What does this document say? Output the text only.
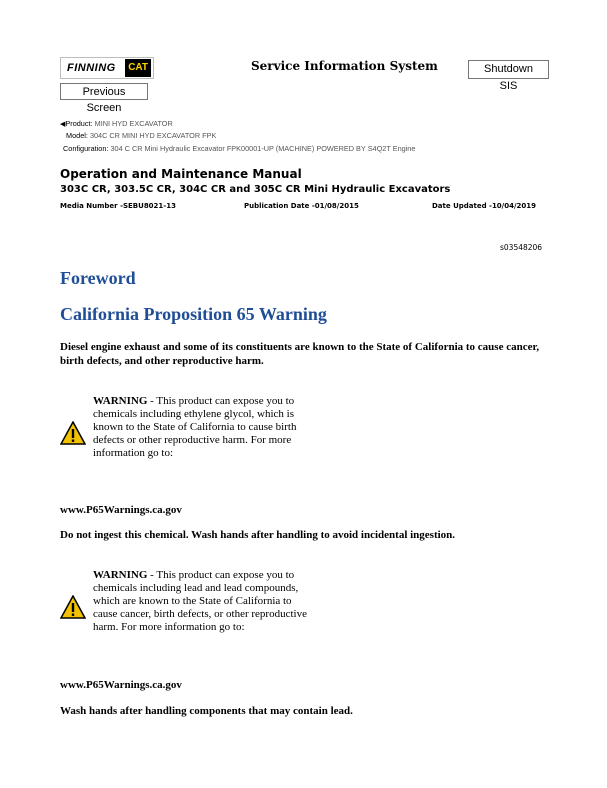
FINNING	CAT	Service Information System	Shutdown SIS
Previous Screen
◀Product: MINI HYD EXCAVATOR
Model: 304C CR MINI HYD EXCAVATOR FPK
Configuration: 304 C CR Mini Hydraulic Excavator FPK00001-UP (MACHINE) POWERED BY S4Q2T Engine
Operation and Maintenance Manual
303C CR, 303.5C CR, 304C CR and 305C CR Mini Hydraulic Excavators
Media Number -SEBU8021-13	Publication Date -01/08/2015	Date Updated -10/04/2019
s03548206
Foreword
California Proposition 65 Warning
Diesel engine exhaust and some of its constituents are known to the State of California to cause cancer, birth defects, and other reproductive harm.
WARNING - This product can expose you to chemicals including ethylene glycol, which is known to the State of California to cause birth defects or other reproductive harm. For more information go to:
www.P65Warnings.ca.gov
Do not ingest this chemical. Wash hands after handling to avoid incidental ingestion.
WARNING - This product can expose you to chemicals including lead and lead compounds, which are known to the State of California to cause cancer, birth defects, or other reproductive harm. For more information go to:
www.P65Warnings.ca.gov
Wash hands after handling components that may contain lead.
